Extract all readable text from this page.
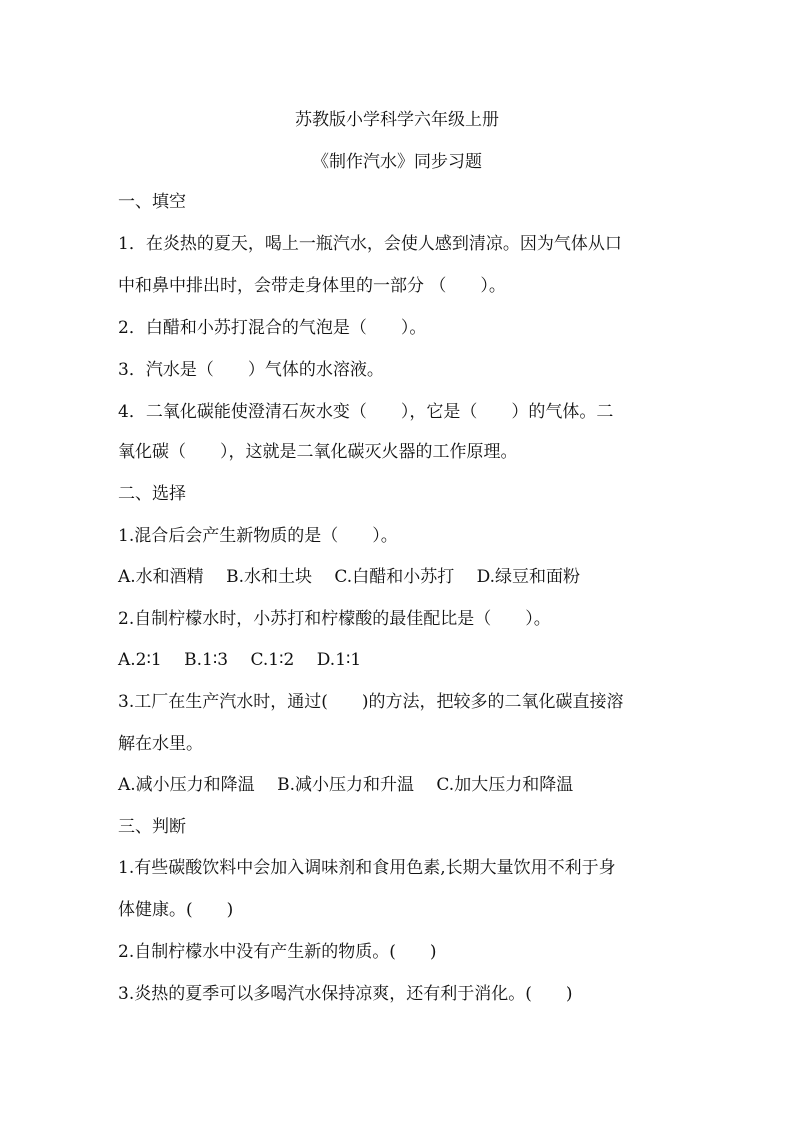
苏教版小学科学六年级上册
《制作汽水》同步习题
一、填空
1．在炎热的夏天，喝上一瓶汽水，会使人感到清凉。因为气体从口
中和鼻中排出时，会带走身体里的一部分 （　　）。
2．白醋和小苏打混合的气泡是（　　）。
3．汽水是（　　）气体的水溶液。
4．二氧化碳能使澄清石灰水变（　　），它是（　　）的气体。二
氧化碳（　　），这就是二氧化碳灭火器的工作原理。
二、选择
1.混合后会产生新物质的是（　　）。
A.水和酒精　 B.水和土块　 C.白醋和小苏打　 D.绿豆和面粉
2.自制柠檬水时，小苏打和柠檬酸的最佳配比是（　　）。
A.2∶1　 B.1∶3　 C.1∶2　 D.1∶1
3.工厂在生产汽水时，通过(　　)的方法，把较多的二氧化碳直接溶
解在水里。
A.减小压力和降温　 B.减小压力和升温　 C.加大压力和降温
三、判断
1.有些碳酸饮料中会加入调味剂和食用色素,长期大量饮用不利于身
体健康。(　　)
2.自制柠檬水中没有产生新的物质。(　　)
3.炎热的夏季可以多喝汽水保持凉爽，还有利于消化。(　　)
